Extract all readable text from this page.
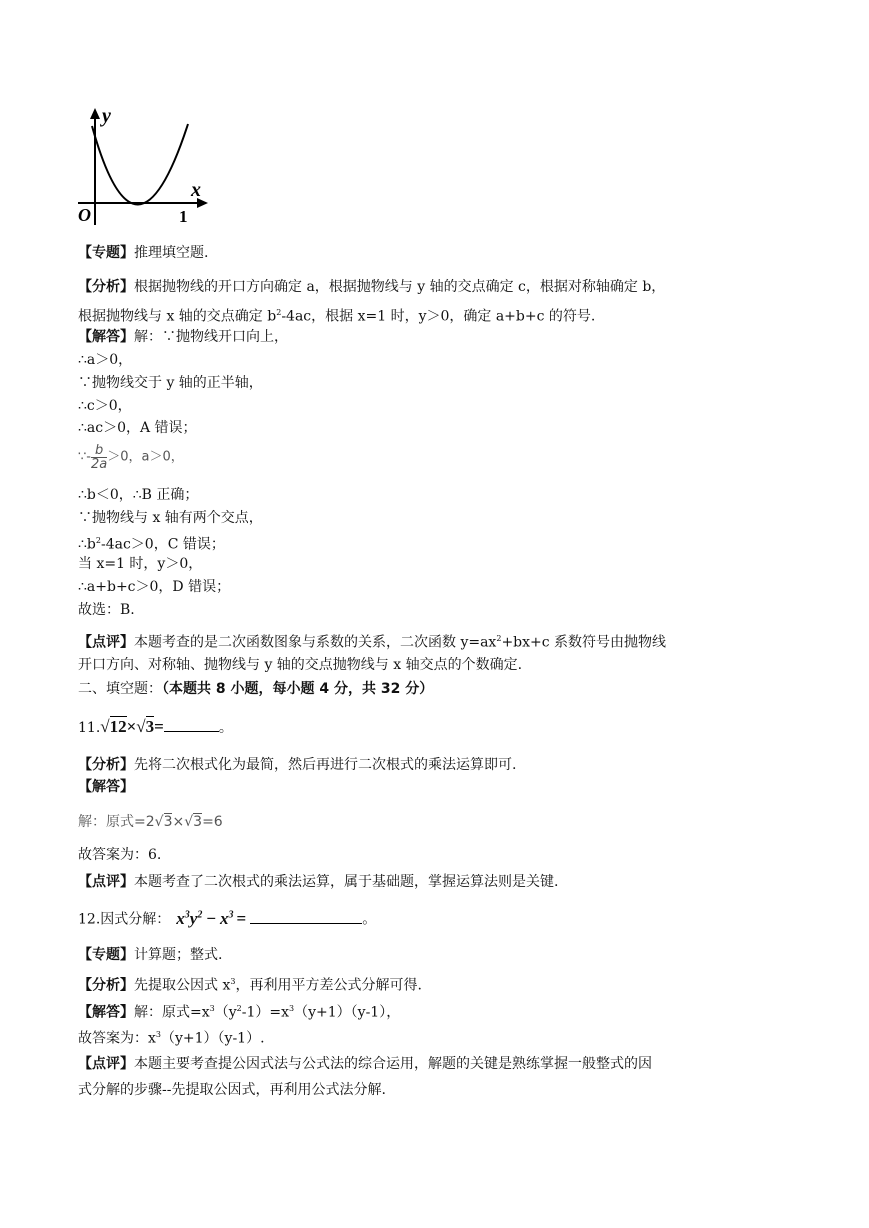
y
x
O	1
【专题】推理填空题.
【分析】根据抛物线的开口方向确定 a，根据抛物线与 y 轴的交点确定 c，根据对称轴确定 b，
根据抛物线与 x 轴的交点确定 $b^2-4ac$，根据 x=1 时，y＞0，确定 a+b+c 的符号.
【解答】解：∵抛物线开口向上，
∴a＞0，
∵抛物线交于 y 轴的正半轴，
∴c＞0，
∴ac＞0，A 错误；
∵- $\frac{b}{2a} >0$，a＞0，
∴b＜0，∴B 正确；
∵抛物线与 x 轴有两个交点，
$\therefore b^2-4ac>0$，C 错误；
当 x=1 时，y＞0，
∴a+b+c＞0，D 错误；
故选：B.
【点评】本题考查的是二次函数图象与系数的关系，二次函数 $y=ax^2+bx+c$ 系数符号由抛物线
开口方向、对称轴、抛物线与 y 轴的交点抛物线与 x 轴交点的个数确定.
二、填空题：（本题共 8 小题，每小题 4 分，共 32 分）
11.√12×√3=	。
【分析】先将二次根式化为最简，然后再进行二次根式的乘法运算即可.
【解答】
解：原式=2√3×√3=6
故答案为：6.
【点评】本题考查了二次根式的乘法运算，属于基础题，掌握运算法则是关键.
12.因式分解： $x^3y^2 - x^3$ =	。
【专题】计算题；整式.
【分析】先提取公因式 $x^3$，再利用平方差公式分解可得.
【解答】解：原式$=x^3(y^2-1)=x^3(y+1)(y-1)$，
故答案为：$x^3(y+1)(y-1)$.
【点评】本题主要考查提公因式法与公式法的综合运用，解题的关键是熟练掌握一般整式的因
式分解的步骤--先提取公因式，再利用公式法分解.
